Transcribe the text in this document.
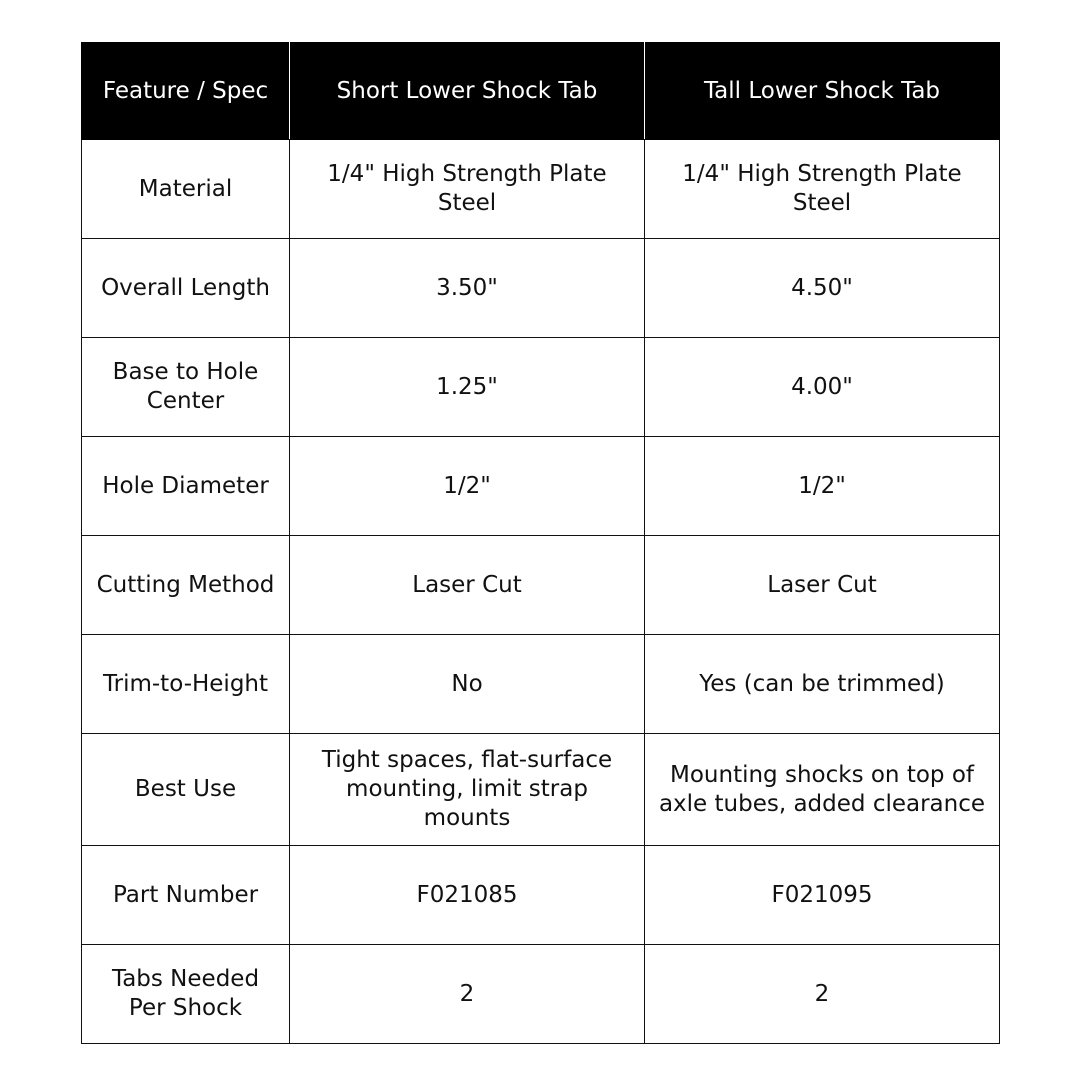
Feature / Spec	Short Lower Shock Tab	Tall Lower Shock Tab
Material	1/4" High Strength Plate Steel	1/4" High Strength Plate Steel
Overall Length	3.50"	4.50"
Base to Hole Center	1.25"	4.00"
Hole Diameter	1/2"	1/2"
Cutting Method	Laser Cut	Laser Cut
Trim-to-Height	No	Yes (can be trimmed)
Best Use	Tight spaces, flat-surface mounting, limit strap mounts	Mounting shocks on top of axle tubes, added clearance
Part Number	F021085	F021095
Tabs Needed Per Shock	2	2
